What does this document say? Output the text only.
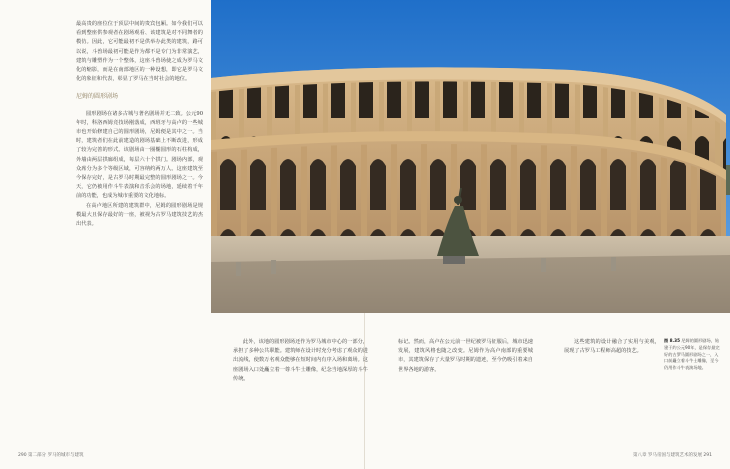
最高贵的座位位于顶层中间的贵宾包厢。如今我们可以看到整座供参观者在剧场观看、该建筑是对不同舞者的模仿。因此，它可能最初不是供举办此类的建筑，路可以说，斗兽场最初可能是作为都不是专门为非常演艺，建筑与雕塑作为一个整体，这座斗兽场使之成为罗马文化的缩影，而是在南部地区的一种设想，即它是罗马文化的象征和代表，彰显了罗马在当时社会的地位。

尼姆的圆形剧场

圆形剧场在诸多古城与著名剧场并无二致。公元90年时，科洛西姆竞技场刚落成，西班牙与高卢的一些城市也开始修建自己的圆形剧场，尼姆便是其中之一。当时，建筑者们在此前建造的剧场基础上不断改进，形成了较为完善的形式。该剧场由一圈椭圆形的石柱构成，外墙由两层拱廊组成，每层六十个拱门。剧场内部，观众席分为多个等级区域，可容纳约两万人。这座建筑至今保存完好，是古罗马时期最完整的圆形剧场之一。今天，它仍被用作斗牛表演和音乐会的场地，延续着千年前的功能，也成为城市重要的文化地标。

在高卢地区所建的建筑群中，尼姆的圆形剧场是规模最大且保存最好的一座，被视为古罗马建筑技艺的杰出代表。

此外，该地的圆形剧场还作为罗马城市中心的一部分，承担了多种公共职能。建筑师在设计时充分考虑了观众的进出流线，使数万名观众能够在短时间内有序入场和离场。这座剧场入口处矗立着一尊斗牛士雕像，纪念当地深厚的斗牛传统。

标记。然而，高卢在公元前一世纪被罗马征服后，城市迅速发展，建筑风格也随之改变。尼姆作为高卢南部的重要城市，其建筑保存了大量罗马时期的遗迹，至今仍吸引着来自世界各地的游客。

这些建筑的设计融合了实用与美观，展现了古罗马工程师高超的技艺。

图 8.35 尼姆的圆形剧场，始建于约公元90年，是保存最完好的古罗马圆形剧场之一，入口前矗立着斗牛士雕像，至今仍用作斗牛表演场地。
290 第二部分 罗马的城市与建筑	第八章 罗马帝国与建筑艺术的发展 291
